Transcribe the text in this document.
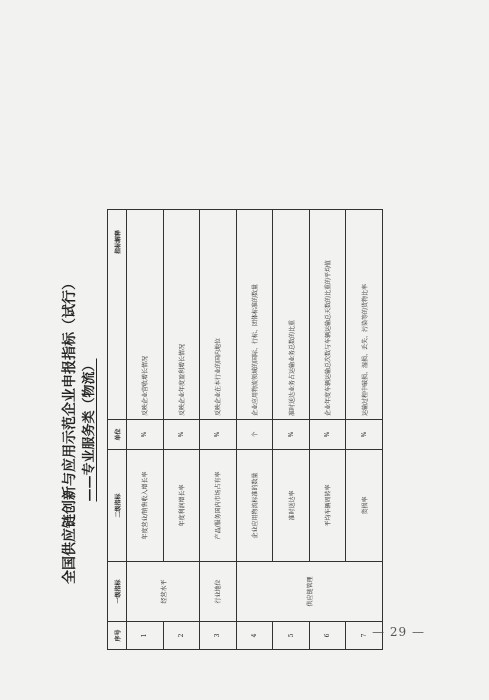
全国供应链创新与应用示范企业申报指标（试行） ——专业服务类（物流）
序号	一级指标	二级指标	单位	指标解释
1	经营水平	年度营业/销售收入增长率	%	反映企业营收增长情况
2		年度利润增长率	%	反映企业年度盈利增长情况
3	行业地位	产品/服务国内市场占有率	%	反映企业在本行业的国内地位
4	供应链管理	企业应用物流标准的数量	个	企业应用物流领域的国际、行标、团体标准的数量
5		准时送达率	%	准时送达业务占运输业务总数的比重
6		平均车辆周转率	%	企业年度车辆运输总次数与车辆运输总天数的比重的平均值
7		货损率	%	运输过程中破损、湿损、丢失、污染等的货物比率
— 29 —
